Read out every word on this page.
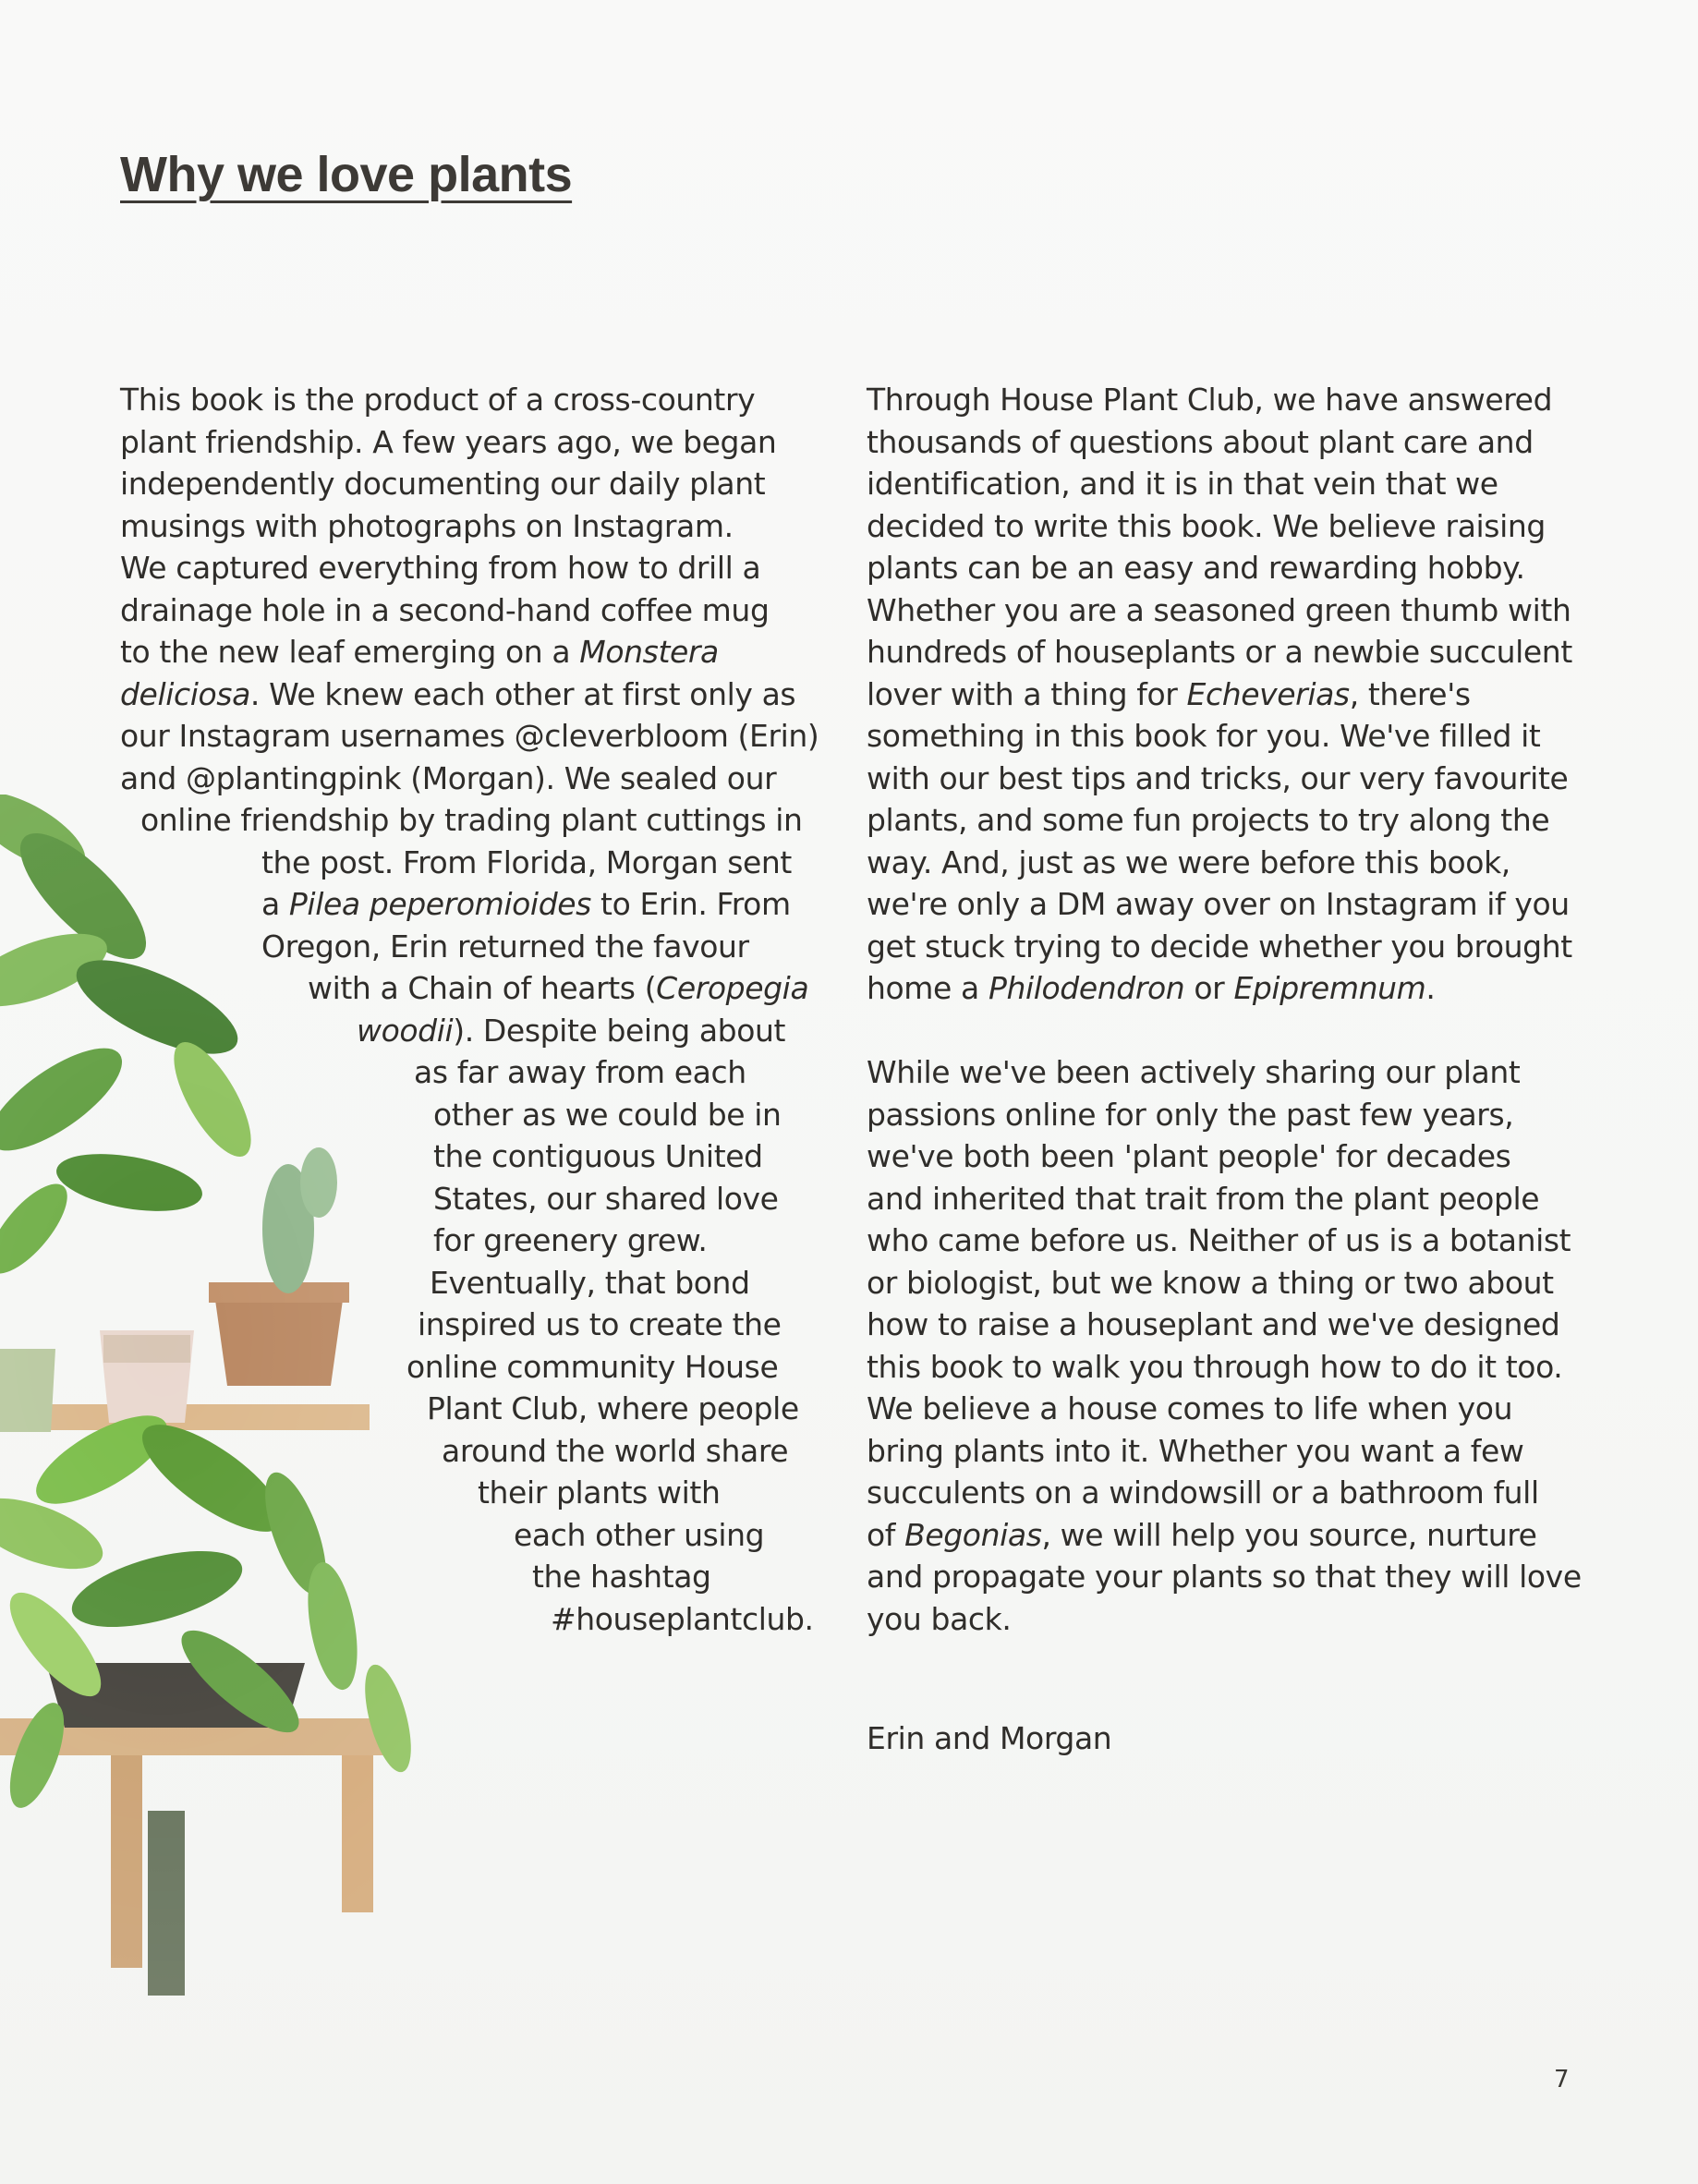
Why we love plants
This book is the product of a cross-country
plant friendship. A few years ago, we began
independently documenting our daily plant
musings with photographs on Instagram.
We captured everything from how to drill a
drainage hole in a second-hand coffee mug
to the new leaf emerging on a Monstera
deliciosa. We knew each other at first only as
our Instagram usernames @cleverbloom (Erin)
and @plantingpink (Morgan). We sealed our
online friendship by trading plant cuttings in
the post. From Florida, Morgan sent
a Pilea peperomioides to Erin. From
Oregon, Erin returned the favour
with a Chain of hearts (Ceropegia
woodii). Despite being about
as far away from each
other as we could be in
the contiguous United
States, our shared love
for greenery grew.
Eventually, that bond
inspired us to create the
online community House
Plant Club, where people
around the world share
their plants with
each other using
the hashtag
#houseplantclub.
Through House Plant Club, we have answered
thousands of questions about plant care and
identification, and it is in that vein that we
decided to write this book. We believe raising
plants can be an easy and rewarding hobby.
Whether you are a seasoned green thumb with
hundreds of houseplants or a newbie succulent
lover with a thing for Echeverias, there's
something in this book for you. We've filled it
with our best tips and tricks, our very favourite
plants, and some fun projects to try along the
way. And, just as we were before this book,
we're only a DM away over on Instagram if you
get stuck trying to decide whether you brought
home a Philodendron or Epipremnum.
While we've been actively sharing our plant
passions online for only the past few years,
we've both been 'plant people' for decades
and inherited that trait from the plant people
who came before us. Neither of us is a botanist
or biologist, but we know a thing or two about
how to raise a houseplant and we've designed
this book to walk you through how to do it too.
We believe a house comes to life when you
bring plants into it. Whether you want a few
succulents on a windowsill or a bathroom full
of Begonias, we will help you source, nurture
and propagate your plants so that they will love
you back.
Erin and Morgan
7
